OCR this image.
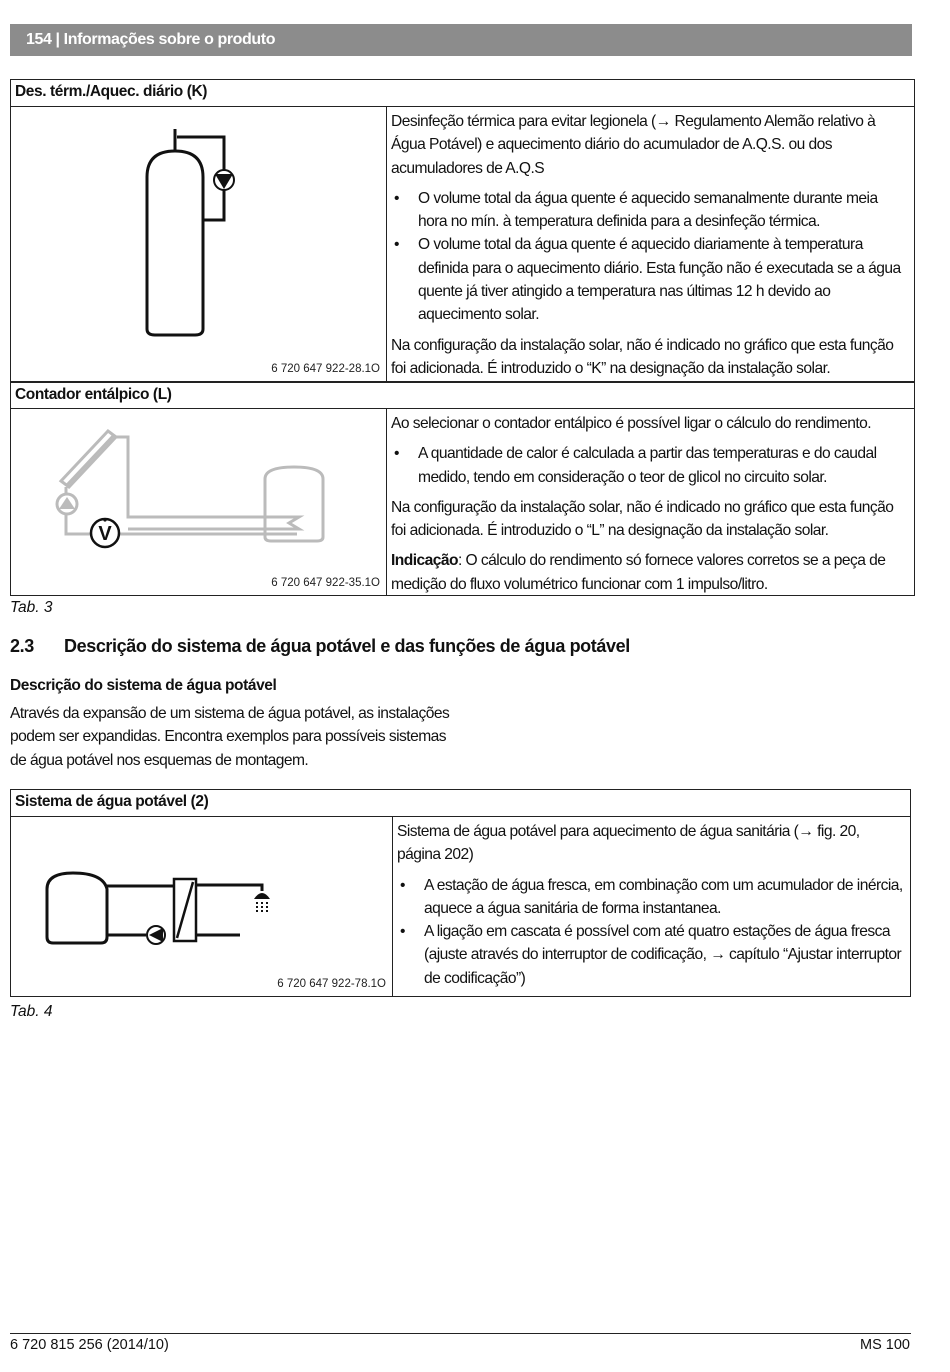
154 | Informações sobre o produto
Des. térm./Aquec. diário (K)
6 720 647 922-28.1O

Desinfeção térmica para evitar legionela (→ Regulamento Alemão relativo à Água Potável) e aquecimento diário do acumulador de A.Q.S. ou dos acumuladores de A.Q.S

• O volume total da água quente é aquecido semanalmente durante meia hora no mín. à temperatura definida para a desinfeção térmica.
• O volume total da água quente é aquecido diariamente à temperatura definida para o aquecimento diário. Esta função não é executada se a água quente já tiver atingido a temperatura nas últimas 12 h devido ao aquecimento solar.

Na configuração da instalação solar, não é indicado no gráfico que esta função foi adicionada. É introduzido o “K” na designação da instalação solar.

Contador entálpico (L)
V
6 720 647 922-35.1O

Ao selecionar o contador entálpico é possível ligar o cálculo do rendimento.

• A quantidade de calor é calculada a partir das temperaturas e do caudal medido, tendo em consideração o teor de glicol no circuito solar.

Na configuração da instalação solar, não é indicado no gráfico que esta função foi adicionada. É introduzido o “L” na designação da instalação solar.

Indicação: O cálculo do rendimento só fornece valores corretos se a peça de medição do fluxo volumétrico funcionar com 1 impulso/litro.

Tab. 3
2.3 Descrição do sistema de água potável e das funções de água potável
Descrição do sistema de água potável
Através da expansão de um sistema de água potável, as instalações podem ser expandidas. Encontra exemplos para possíveis sistemas de água potável nos esquemas de montagem.
Sistema de água potável (2)
6 720 647 922-78.1O

Sistema de água potável para aquecimento de água sanitária (→ fig. 20, página 202)

• A estação de água fresca, em combinação com um acumulador de inércia, aquece a água sanitária de forma instantanea.
• A ligação em cascata é possível com até quatro estações de água fresca (ajuste através do interruptor de codificação, → capítulo “Ajustar interruptor de codificação”)
Tab. 4
6 720 815 256 (2014/10)	MS 100
